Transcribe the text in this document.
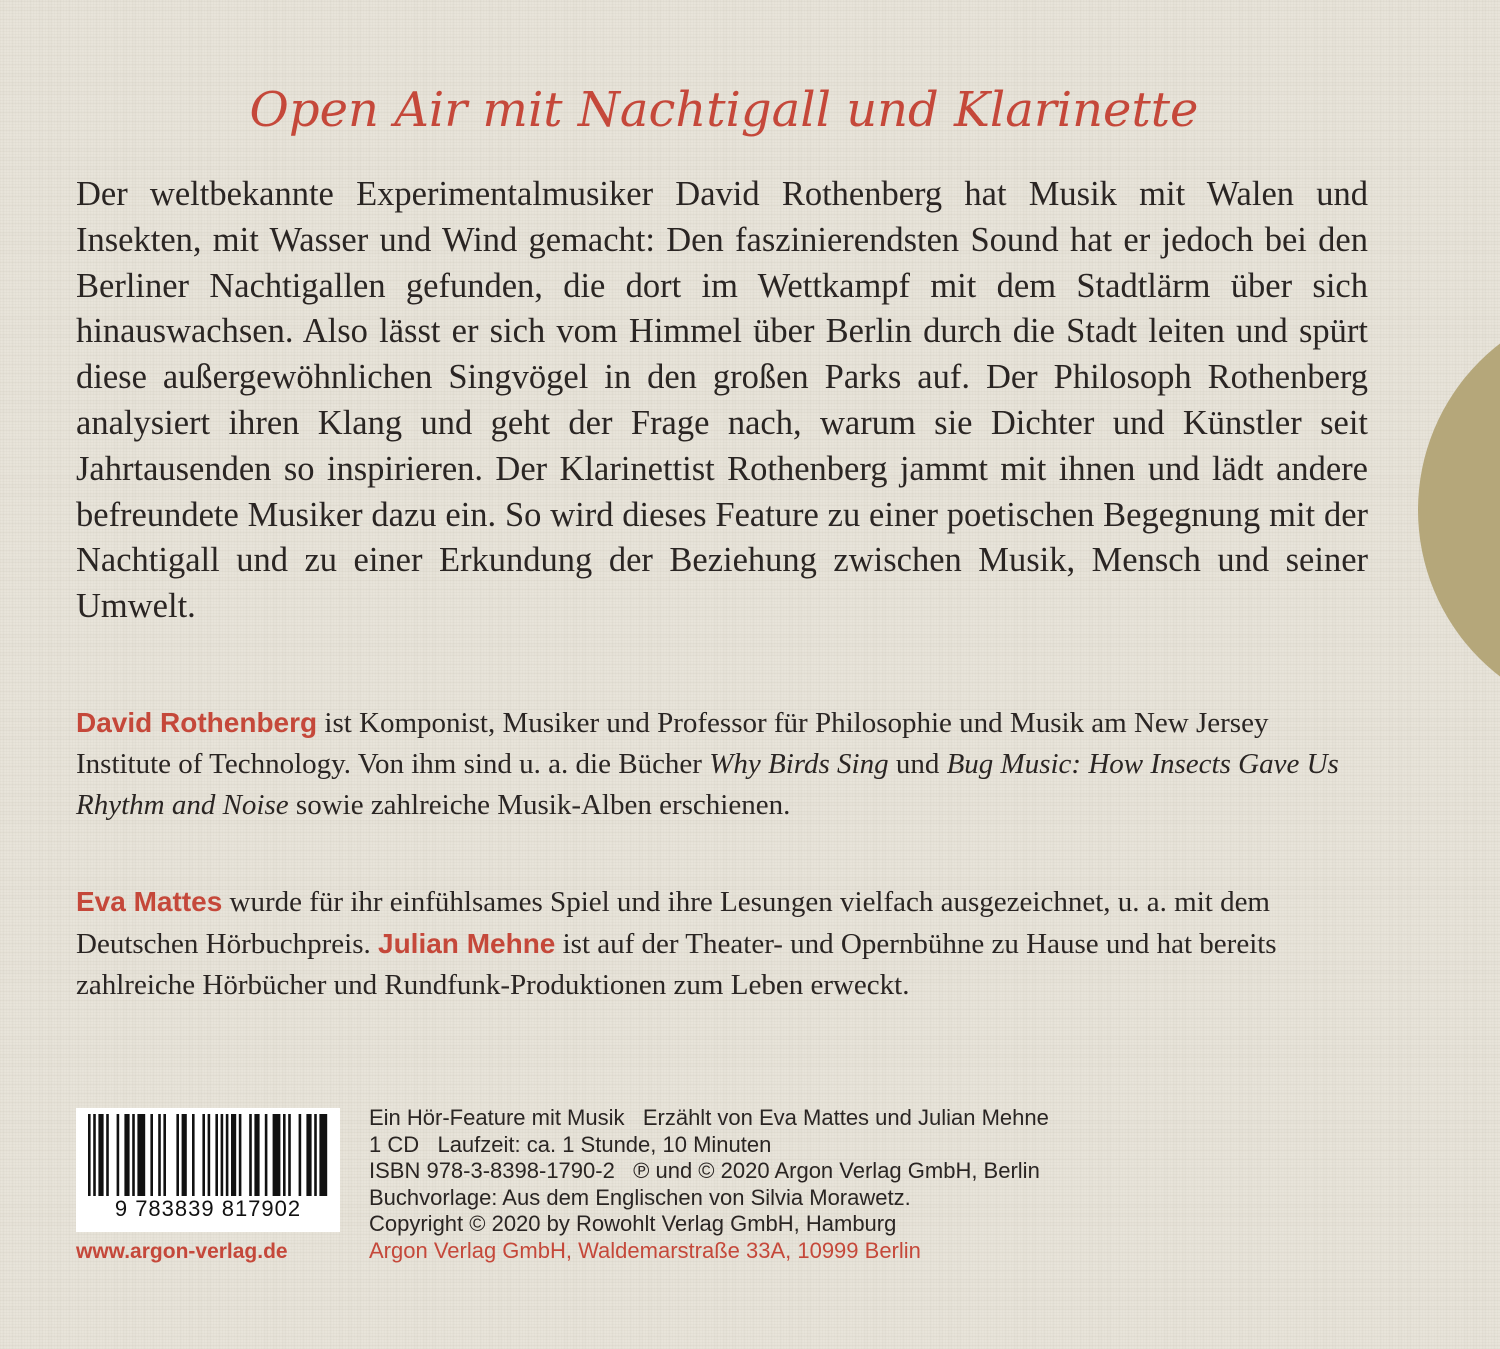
Open Air mit Nachtigall und Klarinette

Der weltbekannte Experimentalmusiker David Rothenberg hat Musik mit Walen und Insekten, mit Wasser und Wind gemacht: Den faszinierendsten Sound hat er jedoch bei den Berliner Nachtigallen gefunden, die dort im Wettkampf mit dem Stadtlärm über sich hinauswachsen. Also lässt er sich vom Himmel über Berlin durch die Stadt leiten und spürt diese außergewöhnlichen Singvögel in den großen Parks auf. Der Philosoph Rothenberg analysiert ihren Klang und geht der Frage nach, warum sie Dichter und Künstler seit Jahrtausenden so inspirieren. Der Klarinettist Rothenberg jammt mit ihnen und lädt andere befreundete Musiker dazu ein. So wird dieses Feature zu einer poetischen Begegnung mit der Nachtigall und zu einer Erkundung der Beziehung zwischen Musik, Mensch und seiner Umwelt.

David Rothenberg ist Komponist, Musiker und Professor für Philosophie und Musik am New Jersey Institute of Technology. Von ihm sind u. a. die Bücher Why Birds Sing und Bug Music: How Insects Gave Us Rhythm and Noise sowie zahlreiche Musik-Alben erschienen.

Eva Mattes wurde für ihr einfühlsames Spiel und ihre Lesungen vielfach ausgezeichnet, u. a. mit dem Deutschen Hörbuchpreis. Julian Mehne ist auf der Theater- und Opernbühne zu Hause und hat bereits zahlreiche Hörbücher und Rundfunk-Produktionen zum Leben erweckt.

9 783839 817902
www.argon-verlag.de
Ein Hör-Feature mit Musik   Erzählt von Eva Mattes und Julian Mehne
1 CD   Laufzeit: ca. 1 Stunde, 10 Minuten
ISBN 978-3-8398-1790-2   ℗ und © 2020 Argon Verlag GmbH, Berlin
Buchvorlage: Aus dem Englischen von Silvia Morawetz.
Copyright © 2020 by Rowohlt Verlag GmbH, Hamburg
Argon Verlag GmbH, Waldemarstraße 33A, 10999 Berlin
